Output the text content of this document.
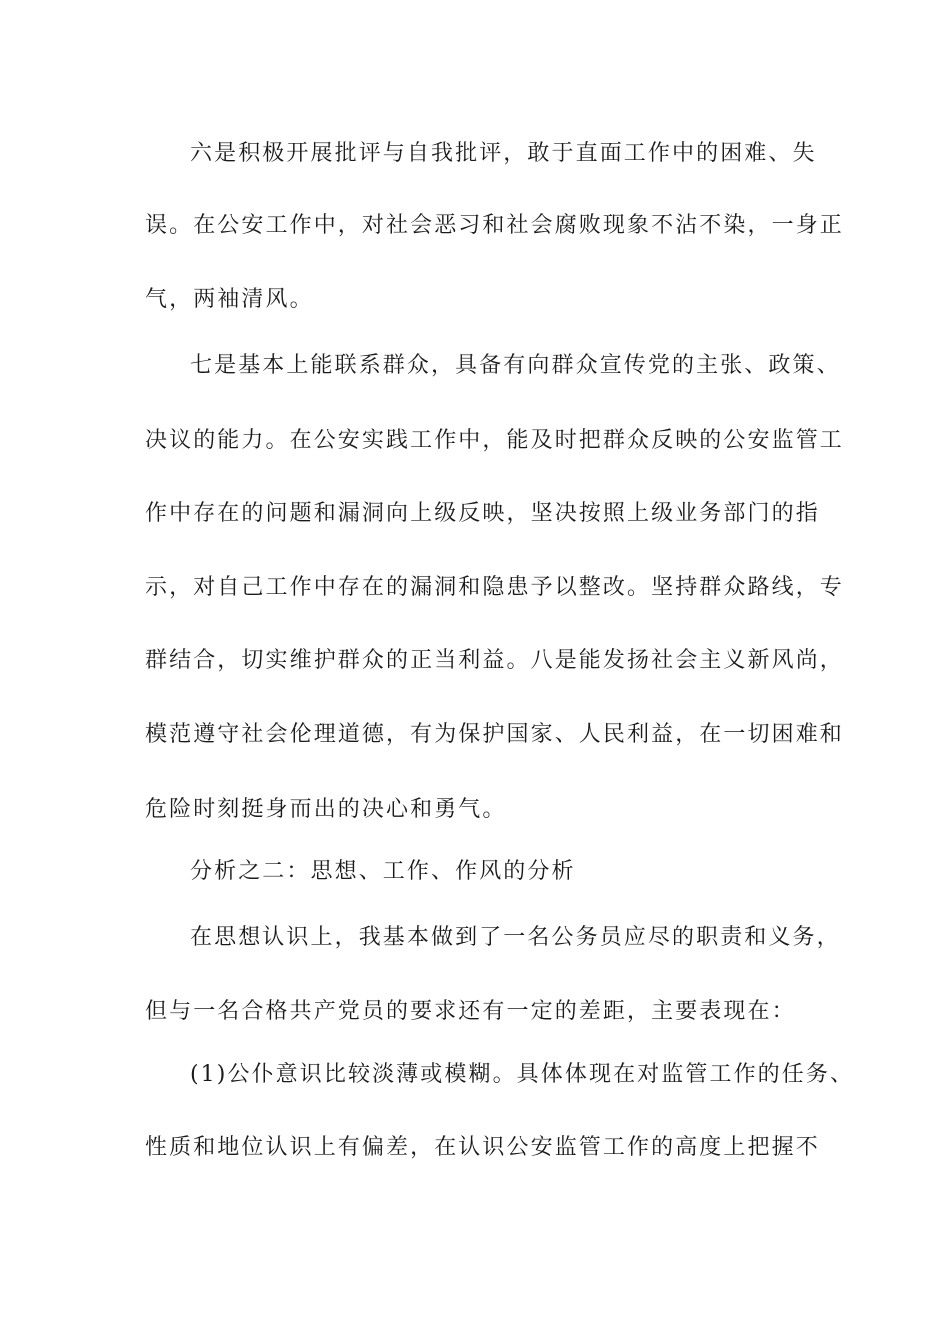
六是积极开展批评与自我批评，敢于直面工作中的困难、失
误。在公安工作中，对社会恶习和社会腐败现象不沾不染，一身正
气，两袖清风。
七是基本上能联系群众，具备有向群众宣传党的主张、政策、
决议的能力。在公安实践工作中，能及时把群众反映的公安监管工
作中存在的问题和漏洞向上级反映，坚决按照上级业务部门的指
示，对自己工作中存在的漏洞和隐患予以整改。坚持群众路线，专
群结合，切实维护群众的正当利益。八是能发扬社会主义新风尚，
模范遵守社会伦理道德，有为保护国家、人民利益，在一切困难和
危险时刻挺身而出的决心和勇气。
分析之二：思想、工作、作风的分析
在思想认识上，我基本做到了一名公务员应尽的职责和义务，
但与一名合格共产党员的要求还有一定的差距，主要表现在：
(1)公仆意识比较淡薄或模糊。具体体现在对监管工作的任务、
性质和地位认识上有偏差，在认识公安监管工作的高度上把握不
